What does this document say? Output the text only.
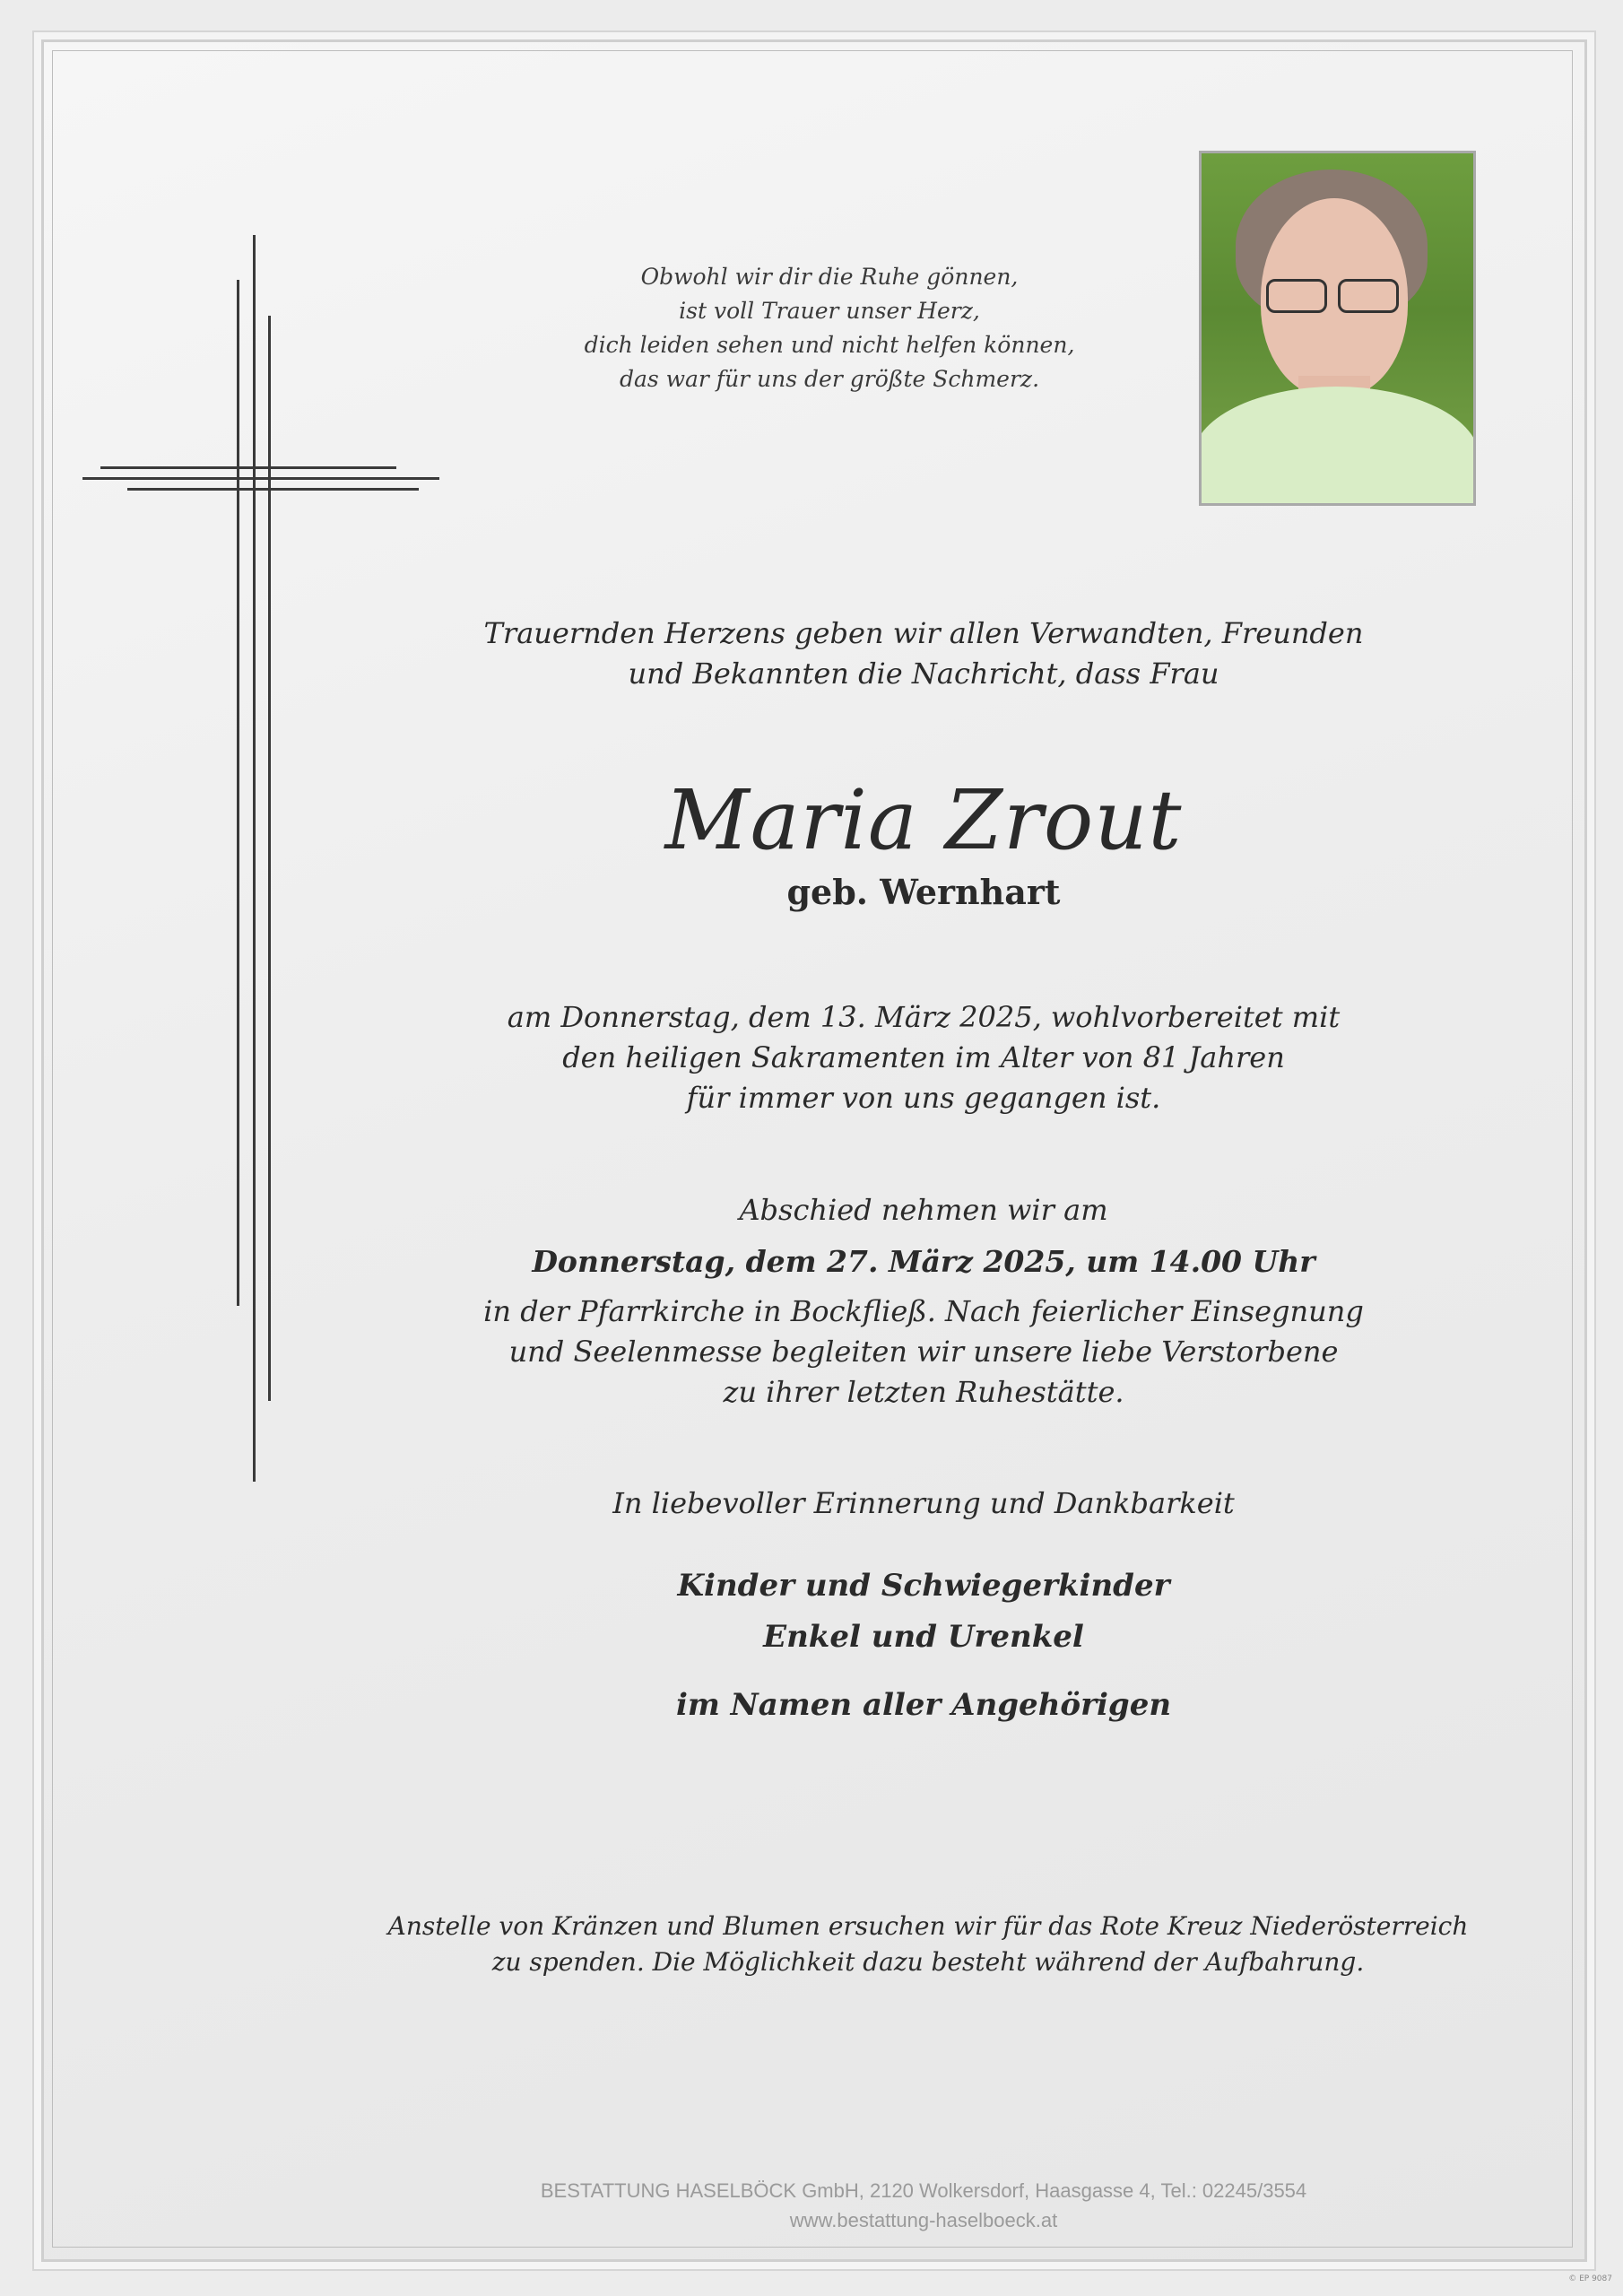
Obwohl wir dir die Ruhe gönnen,
ist voll Trauer unser Herz,
dich leiden sehen und nicht helfen können,
das war für uns der größte Schmerz.
Trauernden Herzens geben wir allen Verwandten, Freunden
und Bekannten die Nachricht, dass Frau
Maria Zrout
geb. Wernhart
am Donnerstag, dem 13. März 2025, wohlvorbereitet mit
den heiligen Sakramenten im Alter von 81 Jahren
für immer von uns gegangen ist.
Abschied nehmen wir am
Donnerstag, dem 27. März 2025, um 14.00 Uhr
in der Pfarrkirche in Bockfließ. Nach feierlicher Einsegnung
und Seelenmesse begleiten wir unsere liebe Verstorbene
zu ihrer letzten Ruhestätte.
In liebevoller Erinnerung und Dankbarkeit
Kinder und Schwiegerkinder
Enkel und Urenkel
im Namen aller Angehörigen
Anstelle von Kränzen und Blumen ersuchen wir für das Rote Kreuz Niederösterreich
zu spenden. Die Möglichkeit dazu besteht während der Aufbahrung.
BESTATTUNG HASELBÖCK GmbH, 2120 Wolkersdorf, Haasgasse 4, Tel.: 02245/3554
www.bestattung-haselboeck.at
© EP 9087
